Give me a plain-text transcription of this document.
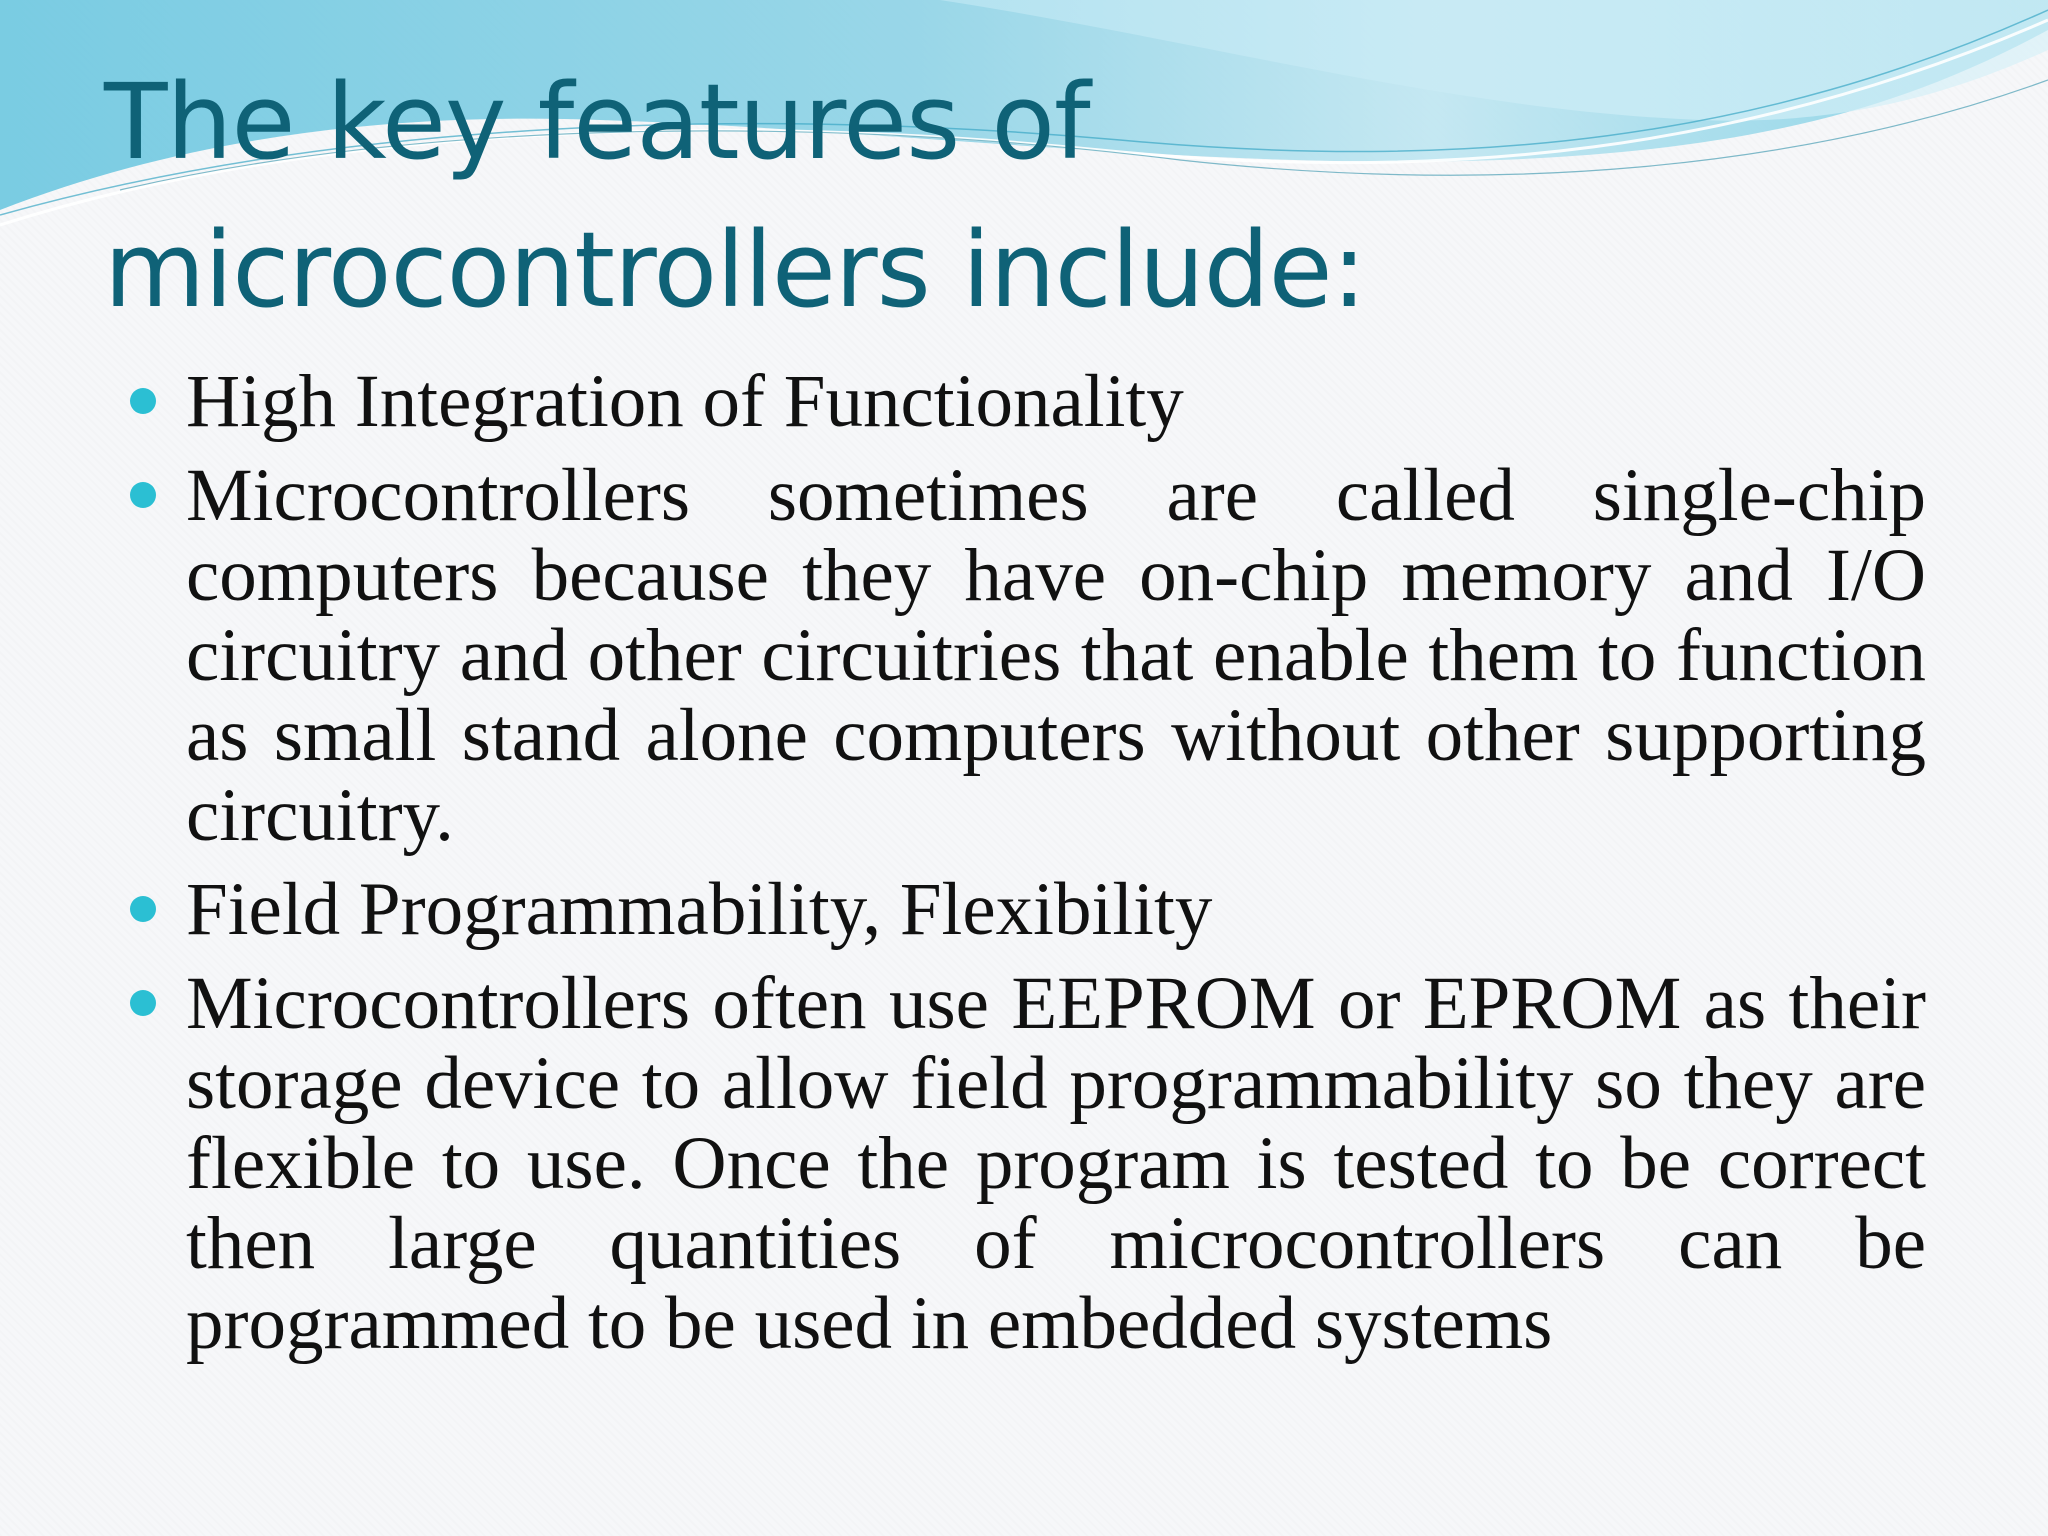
The key features of microcontrollers include:
High Integration of Functionality
Microcontrollers sometimes are called single-chip computers because they have on-chip memory and I/O circuitry and other circuitries that enable them to function as small stand alone computers without other supporting circuitry.
Field Programmability, Flexibility
Microcontrollers often use EEPROM or EPROM as their storage device to allow field programmability so they are flexible to use. Once the program is tested to be correct then large quantities of microcontrollers can be programmed to be used in embedded systems
